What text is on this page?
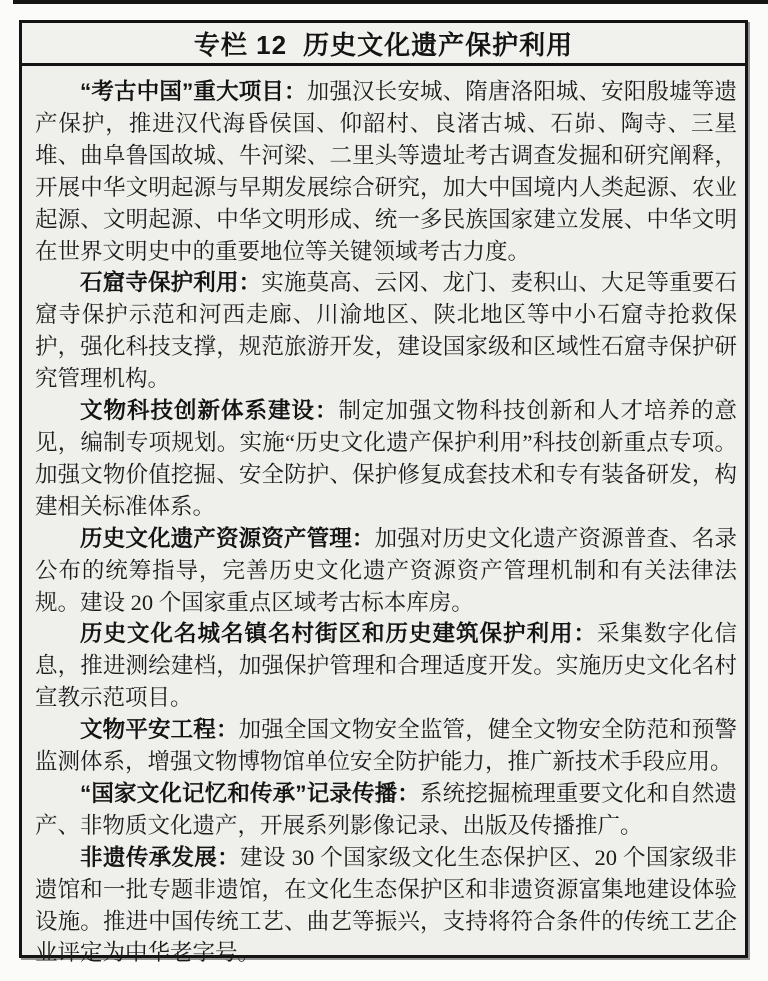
专栏 12 历史文化遗产保护利用

“考古中国”重大项目：加强汉长安城、隋唐洛阳城、安阳殷墟等遗产保护，推进汉代海昏侯国、仰韶村、良渚古城、石峁、陶寺、三星堆、曲阜鲁国故城、牛河梁、二里头等遗址考古调查发掘和研究阐释，开展中华文明起源与早期发展综合研究，加大中国境内人类起源、农业起源、文明起源、中华文明形成、统一多民族国家建立发展、中华文明在世界文明史中的重要地位等关键领域考古力度。

石窟寺保护利用：实施莫高、云冈、龙门、麦积山、大足等重要石窟寺保护示范和河西走廊、川渝地区、陕北地区等中小石窟寺抢救保护，强化科技支撑，规范旅游开发，建设国家级和区域性石窟寺保护研究管理机构。

文物科技创新体系建设：制定加强文物科技创新和人才培养的意见，编制专项规划。实施“历史文化遗产保护利用”科技创新重点专项。加强文物价值挖掘、安全防护、保护修复成套技术和专有装备研发，构建相关标准体系。

历史文化遗产资源资产管理：加强对历史文化遗产资源普查、名录公布的统筹指导，完善历史文化遗产资源资产管理机制和有关法律法规。建设 20 个国家重点区域考古标本库房。

历史文化名城名镇名村街区和历史建筑保护利用：采集数字化信息，推进测绘建档，加强保护管理和合理适度开发。实施历史文化名村宣教示范项目。

文物平安工程：加强全国文物安全监管，健全文物安全防范和预警监测体系，增强文物博物馆单位安全防护能力，推广新技术手段应用。

“国家文化记忆和传承”记录传播：系统挖掘梳理重要文化和自然遗产、非物质文化遗产，开展系列影像记录、出版及传播推广。

非遗传承发展：建设 30 个国家级文化生态保护区、20 个国家级非遗馆和一批专题非遗馆，在文化生态保护区和非遗资源富集地建设体验设施。推进中国传统工艺、曲艺等振兴，支持将符合条件的传统工艺企业评定为中华老字号。
